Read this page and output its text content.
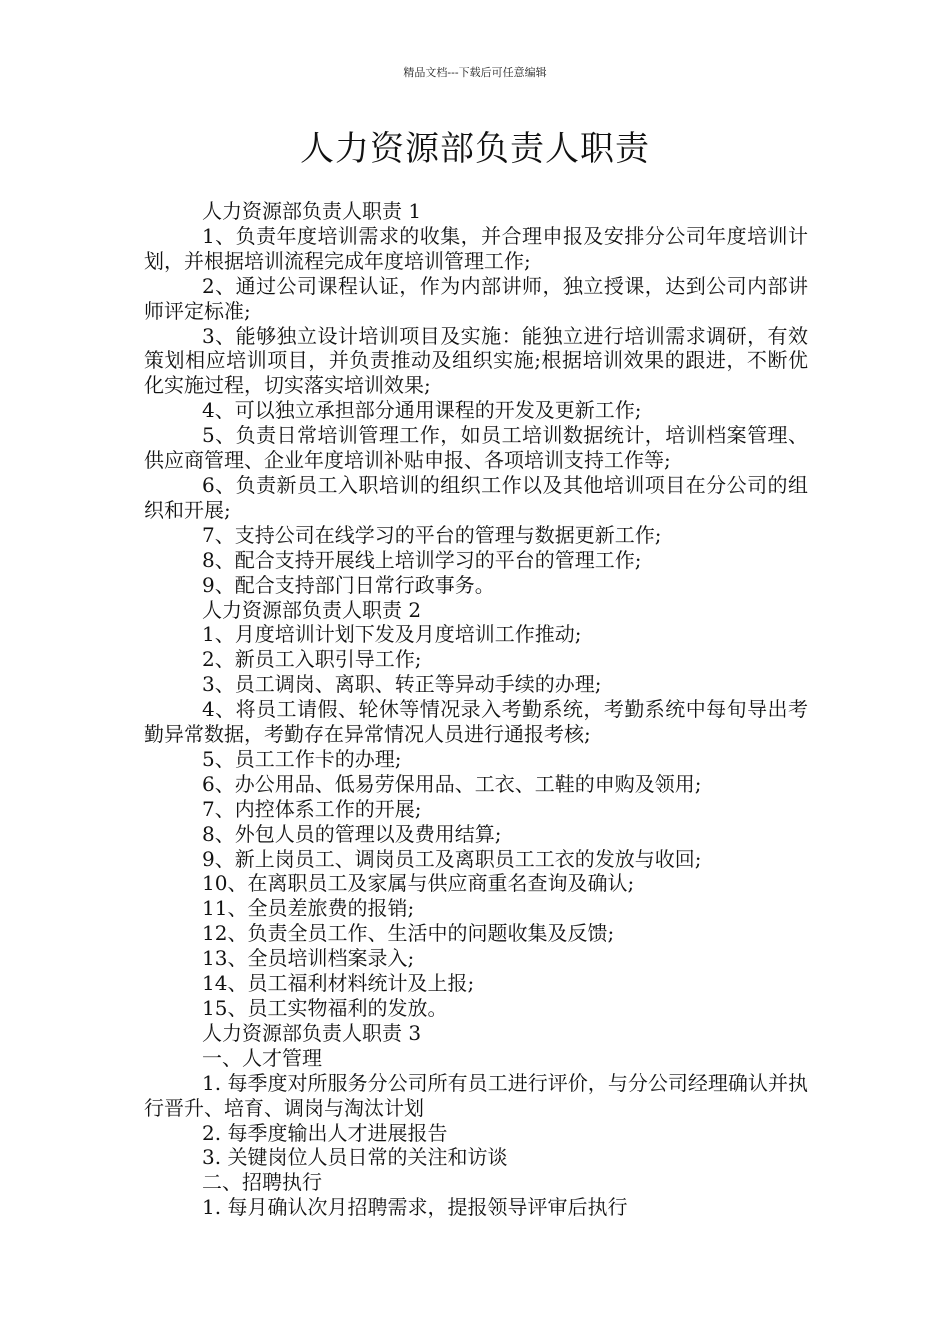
精品文档---下载后可任意编辑
人力资源部负责人职责

人力资源部负责人职责 1

1、负责年度培训需求的收集，并合理申报及安排分公司年度培训计划，并根据培训流程完成年度培训管理工作;

2、通过公司课程认证，作为内部讲师，独立授课，达到公司内部讲师评定标准;

3、能够独立设计培训项目及实施：能独立进行培训需求调研，有效策划相应培训项目，并负责推动及组织实施;根据培训效果的跟进，不断优化实施过程，切实落实培训效果;

4、可以独立承担部分通用课程的开发及更新工作;

5、负责日常培训管理工作，如员工培训数据统计，培训档案管理、供应商管理、企业年度培训补贴申报、各项培训支持工作等;

6、负责新员工入职培训的组织工作以及其他培训项目在分公司的组织和开展;

7、支持公司在线学习的平台的管理与数据更新工作;

8、配合支持开展线上培训学习的平台的管理工作;

9、配合支持部门日常行政事务。

人力资源部负责人职责 2

1、月度培训计划下发及月度培训工作推动;

2、新员工入职引导工作;

3、员工调岗、离职、转正等异动手续的办理;

4、将员工请假、轮休等情况录入考勤系统，考勤系统中每旬导出考勤异常数据，考勤存在异常情况人员进行通报考核;

5、员工工作卡的办理;

6、办公用品、低易劳保用品、工衣、工鞋的申购及领用;

7、内控体系工作的开展;

8、外包人员的管理以及费用结算;

9、新上岗员工、调岗员工及离职员工工衣的发放与收回;

10、在离职员工及家属与供应商重名查询及确认;

11、全员差旅费的报销;

12、负责全员工作、生活中的问题收集及反馈;

13、全员培训档案录入;

14、员工福利材料统计及上报;

15、员工实物福利的发放。

人力资源部负责人职责 3

一、人才管理

1. 每季度对所服务分公司所有员工进行评价，与分公司经理确认并执行晋升、培育、调岗与淘汰计划

2. 每季度输出人才进展报告

3. 关键岗位人员日常的关注和访谈

二、招聘执行

1. 每月确认次月招聘需求，提报领导评审后执行
